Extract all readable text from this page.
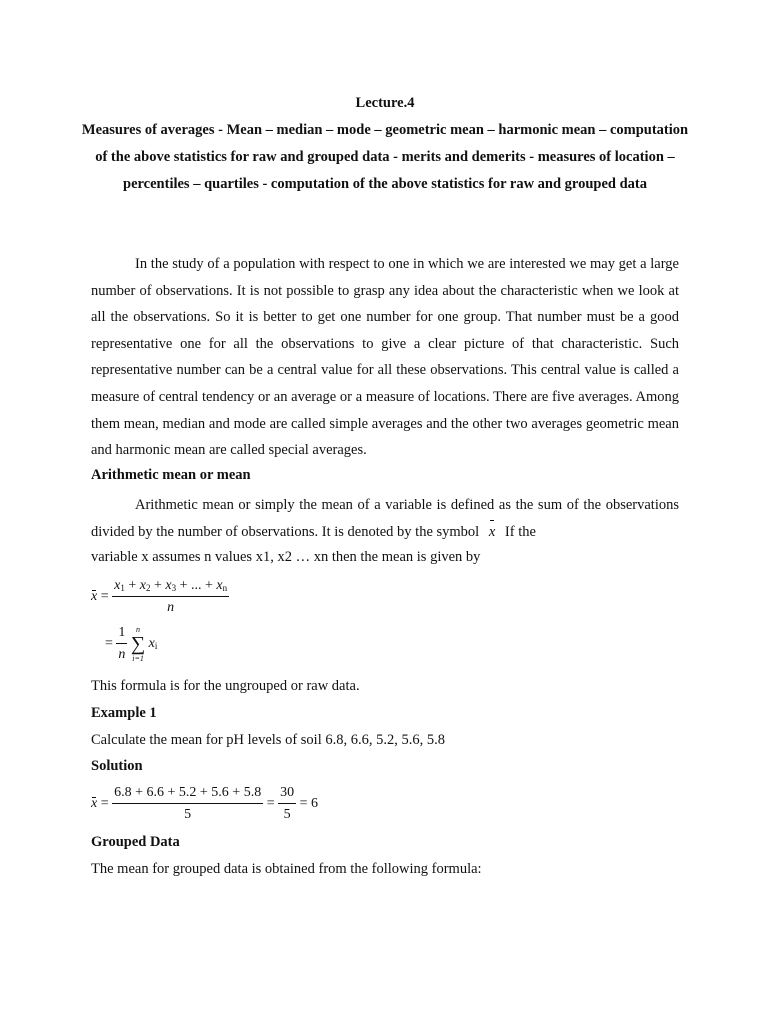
Lecture.4
Measures of averages - Mean – median – mode – geometric mean – harmonic mean – computation of the above statistics for raw and grouped data - merits and demerits - measures of location – percentiles – quartiles - computation of the above statistics for raw and grouped data

In the study of a population with respect to one in which we are interested we may get a large number of observations. It is not possible to grasp any idea about the characteristic when we look at all the observations. So it is better to get one number for one group. That number must be a good representative one for all the observations to give a clear picture of that characteristic. Such representative number can be a central value for all these observations. This central value is called a measure of central tendency or an average or a measure of locations. There are five averages. Among them mean, median and mode are called simple averages and the other two averages geometric mean and harmonic mean are called special averages.

Arithmetic mean or mean

Arithmetic mean or simply the mean of a variable is defined as the sum of the observations divided by the number of observations. It is denoted by the symbol x If the

variable x assumes n values x1, x2 … xn then the mean is given by
$x = \frac{x_1 + x_2 + x_3 + ... + x_n}{n}$
= $\frac{1}{n}$
	n
∑
i=1
$x_i$
This formula is for the ungrouped or raw data.
Example 1
Calculate the mean for pH levels of soil 6.8, 6.6, 5.2, 5.6, 5.8
Solution
$x = \frac{6.8 + 6.6 + 5.2 + 5.6 + 5.8}{5} = \frac{30}{5} = 6$
Grouped Data
The mean for grouped data is obtained from the following formula:
